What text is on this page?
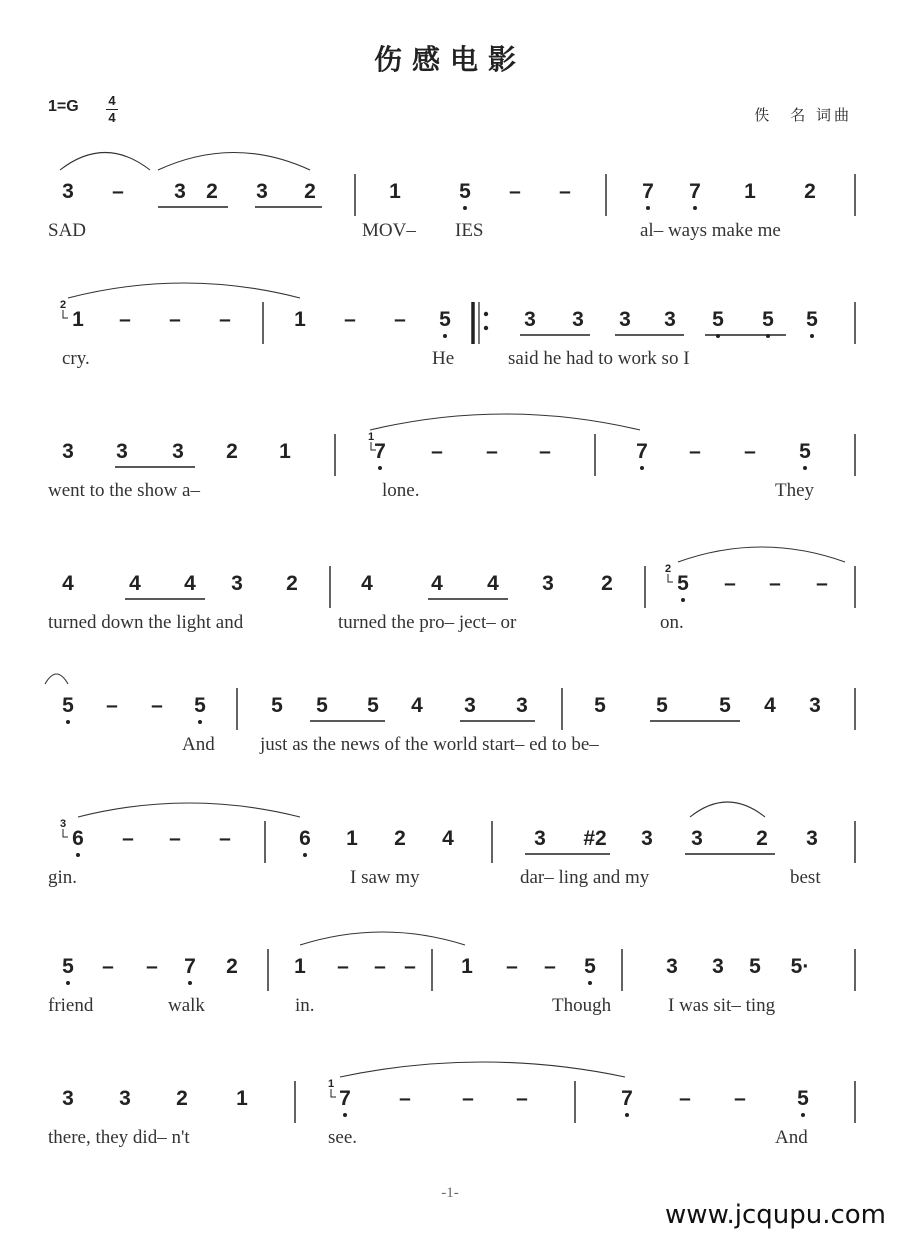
伤感电影
1=G 4
4	佚　名 词曲
3 – 3 2 3 2	1	5 – –	7 7 1 2
SAD	MOV– IES	al– ways make me
1 – – –	1 – – 5	3 3 3 3 5 5 5
cry.	He	said he had to work so I
3 3 3 2 1	7 – – –	7 – – 5
went to the show a–	lone.	They
4	4 4 3 2	4	4 4 3 2	5 – – –
turned down the light and	turned the pro– ject– or	on.
5 – – 5	5 5 5 4 3 3	5 5 5 4 3
And just as the news of the world start– ed to be–
6 – – –	6 1 2 4	3 #2 3 3	2 3
gin.	I saw my	dar– ling and my	best
5 – – 7 2	1 – – – 1 – – 5	3 3 5 5·
friend	walk	in.	Though	I was sit– ting
3 3 2 1	7 – – –	7 – – 5
there, they did– n't	see.	And
2
1
2
3
1
-1-
www.jcqupu.com
